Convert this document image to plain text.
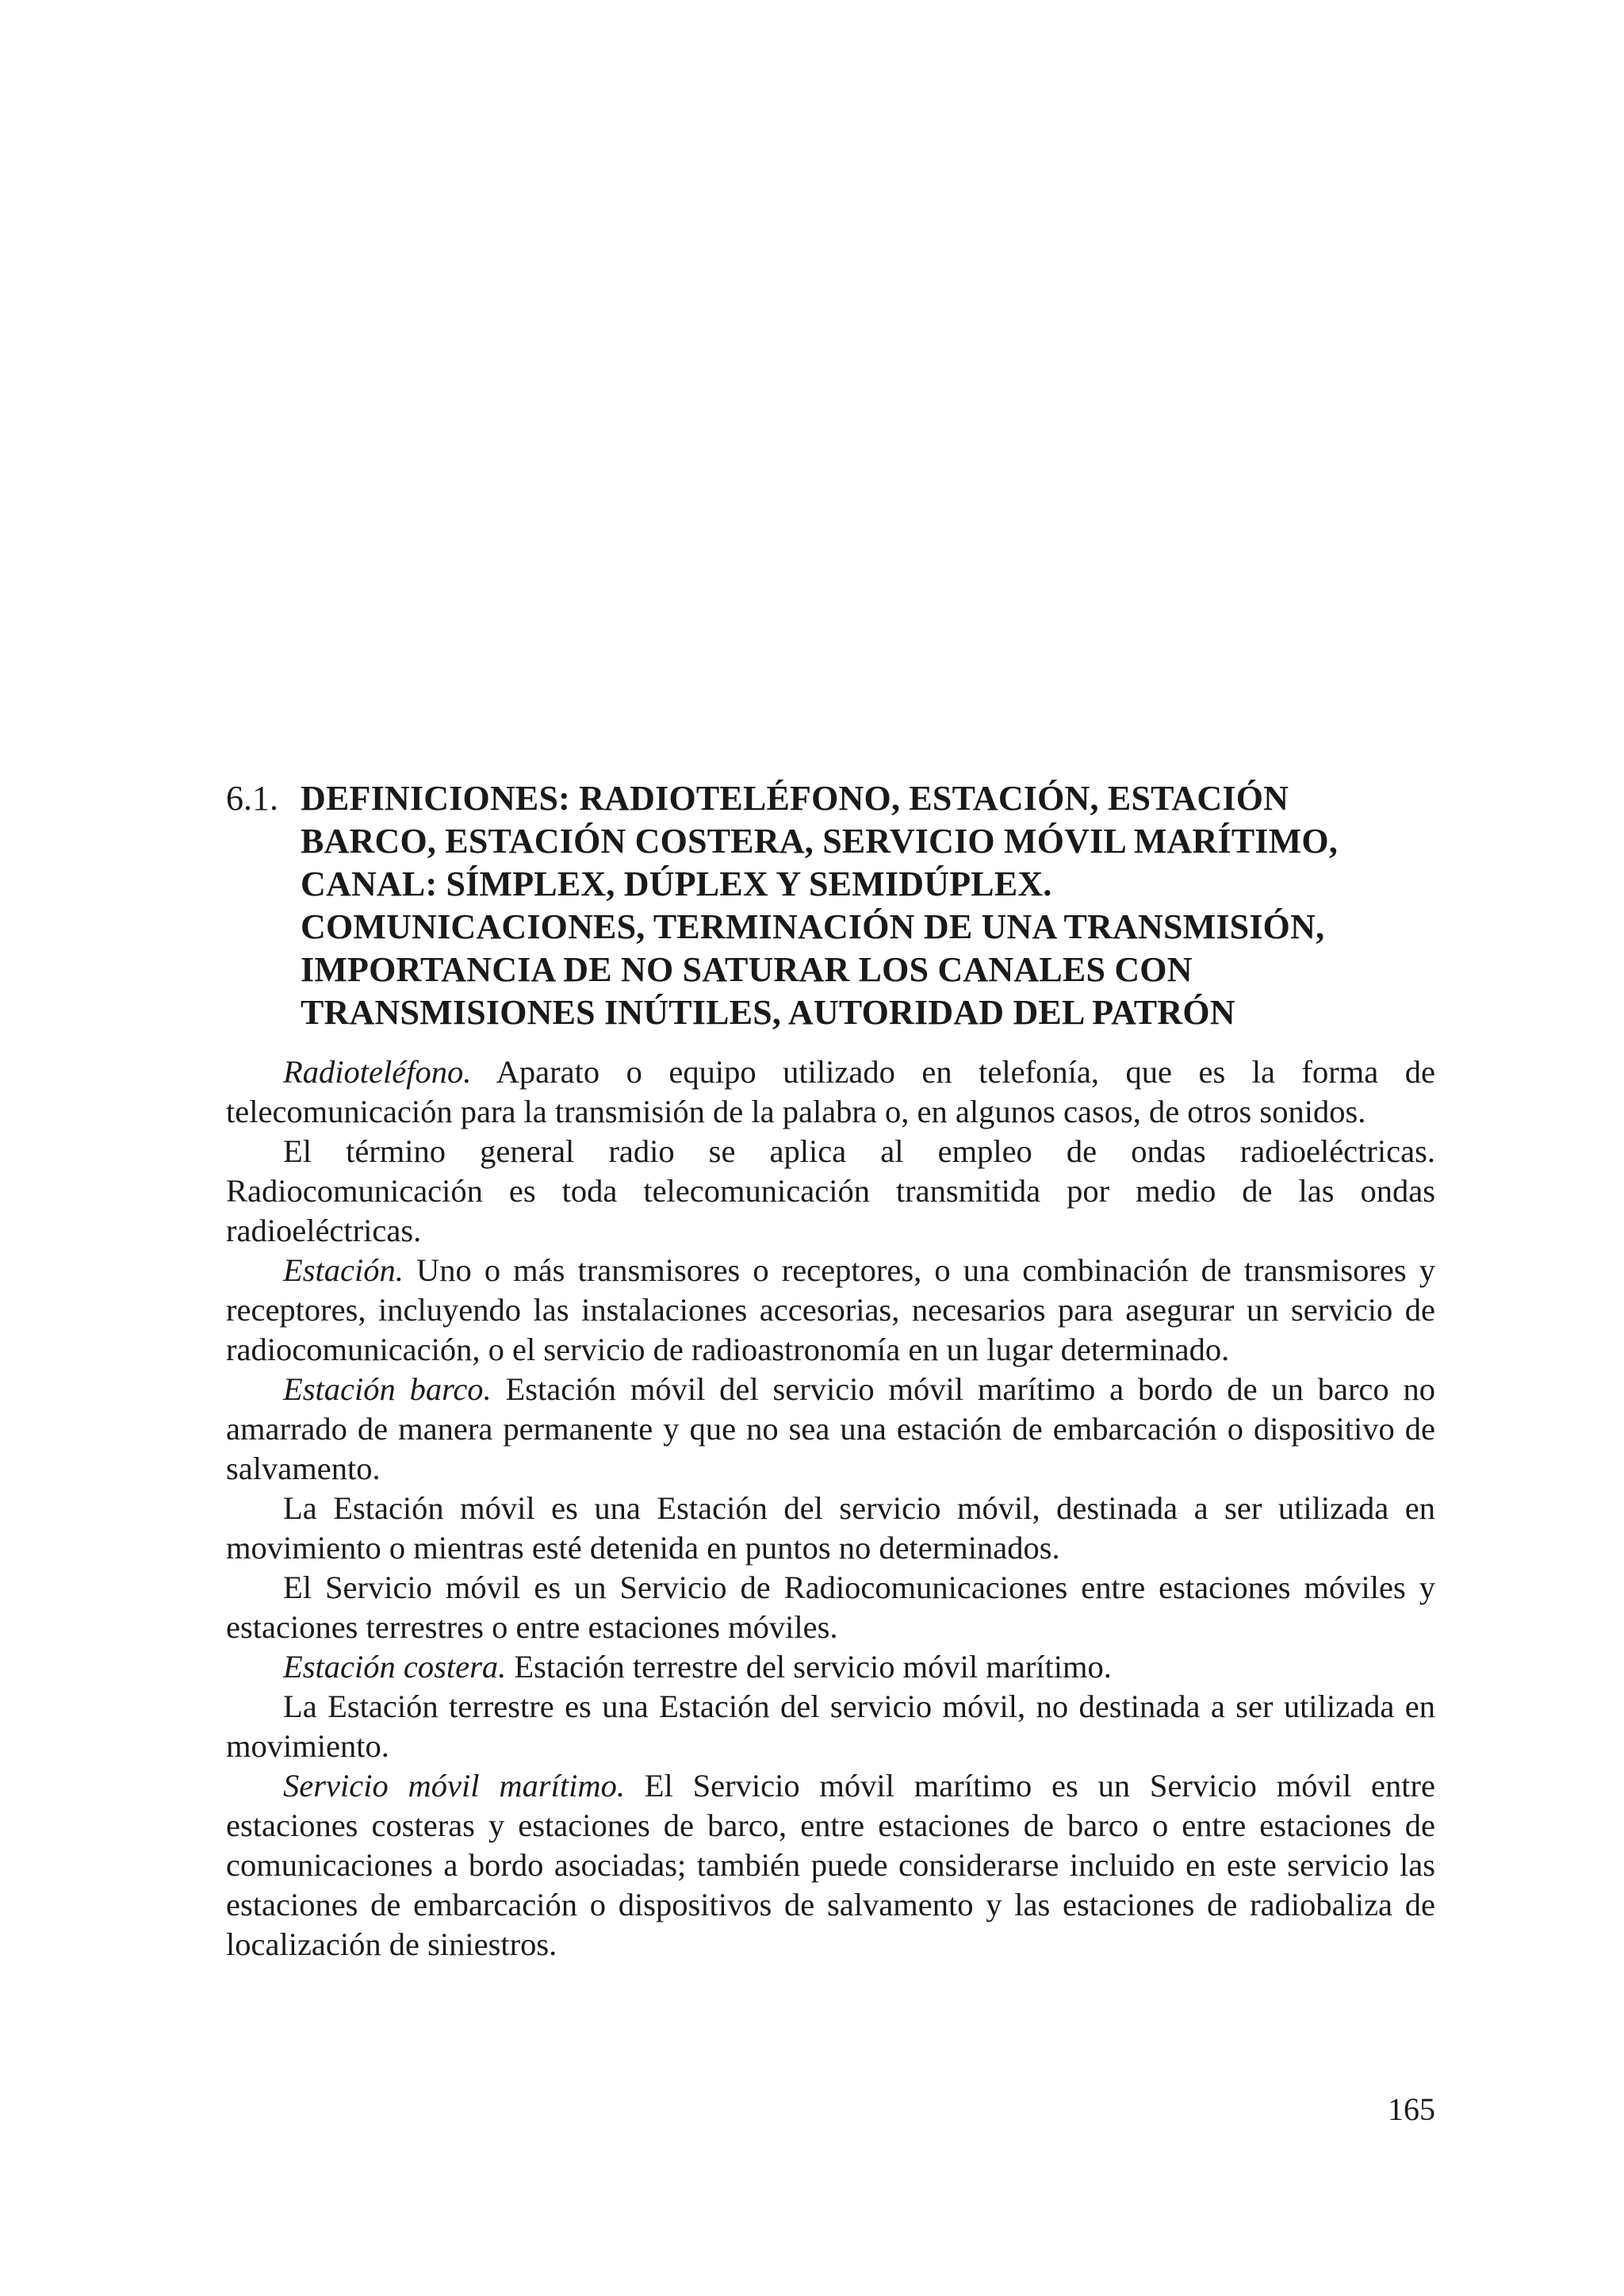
6.1. DEFINICIONES: RADIOTELÉFONO, ESTACIÓN, ESTACIÓN
BARCO, ESTACIÓN COSTERA, SERVICIO MÓVIL MARÍTIMO,
CANAL: SÍMPLEX, DÚPLEX Y SEMIDÚPLEX.
COMUNICACIONES, TERMINACIÓN DE UNA TRANSMISIÓN,
IMPORTANCIA DE NO SATURAR LOS CANALES CON
TRANSMISIONES INÚTILES, AUTORIDAD DEL PATRÓN

Radioteléfono. Aparato o equipo utilizado en telefonía, que es la forma de telecomunicación para la transmisión de la palabra o, en algunos casos, de otros sonidos.

El término general radio se aplica al empleo de ondas radioeléctricas. Radiocomunicación es toda telecomunicación transmitida por medio de las ondas radioeléctricas.

Estación. Uno o más transmisores o receptores, o una combinación de transmisores y receptores, incluyendo las instalaciones accesorias, necesarios para asegurar un servicio de radiocomunicación, o el servicio de radioastronomía en un lugar determinado.

Estación barco. Estación móvil del servicio móvil marítimo a bordo de un barco no amarrado de manera permanente y que no sea una estación de embarcación o dispositivo de salvamento.

La Estación móvil es una Estación del servicio móvil, destinada a ser utilizada en movimiento o mientras esté detenida en puntos no determinados.

El Servicio móvil es un Servicio de Radiocomunicaciones entre estaciones móviles y estaciones terrestres o entre estaciones móviles.

Estación costera. Estación terrestre del servicio móvil marítimo.

La Estación terrestre es una Estación del servicio móvil, no destinada a ser utilizada en movimiento.

Servicio móvil marítimo. El Servicio móvil marítimo es un Servicio móvil entre estaciones costeras y estaciones de barco, entre estaciones de barco o entre estaciones de comunicaciones a bordo asociadas; también puede considerarse incluido en este servicio las estaciones de embarcación o dispositivos de salvamento y las estaciones de radiobaliza de localización de siniestros.

165
